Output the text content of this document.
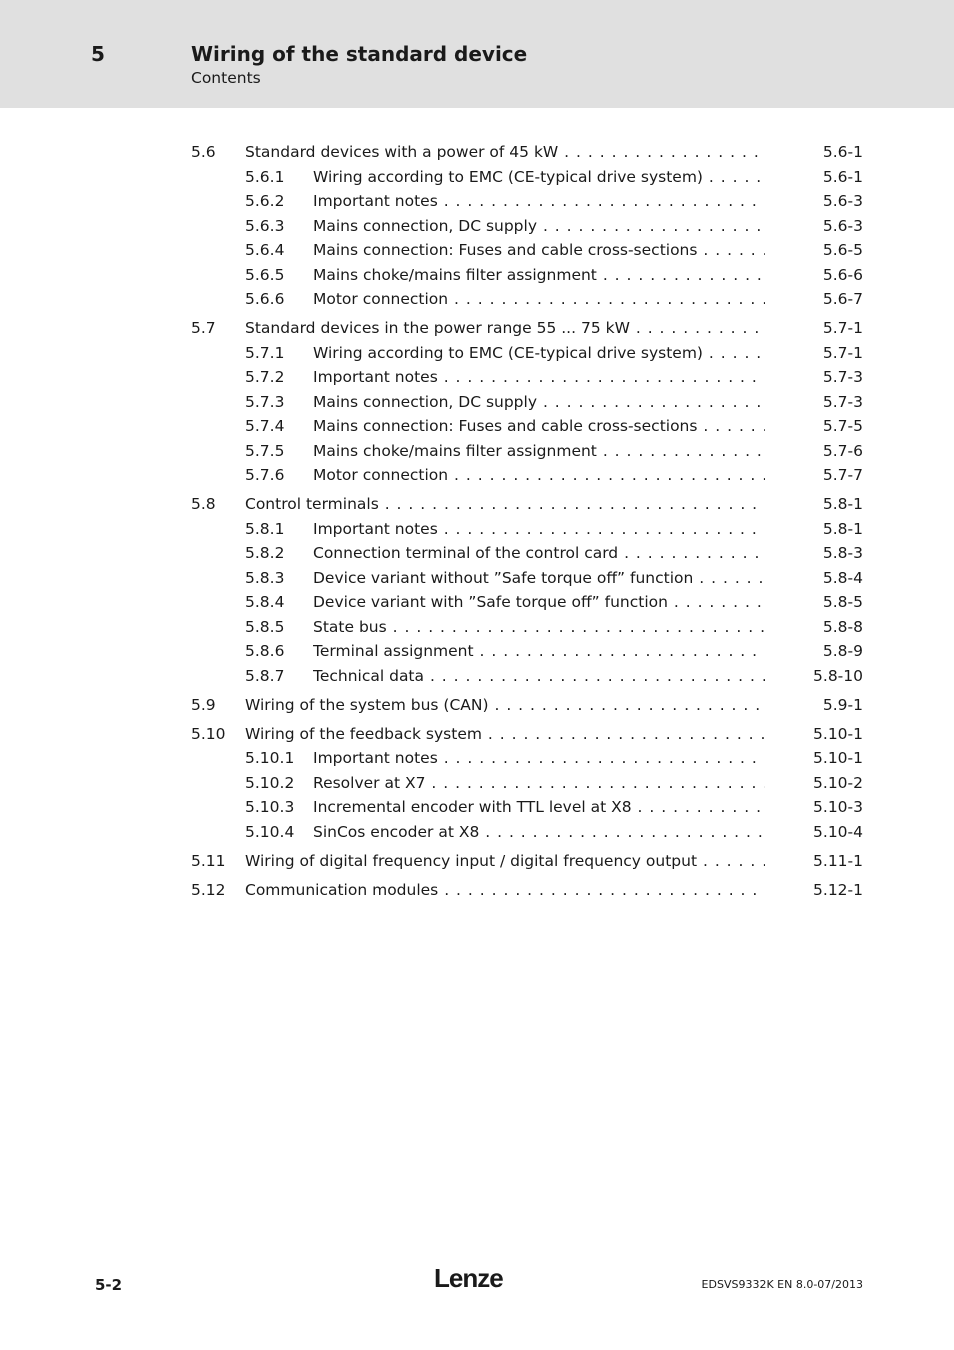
5	Wiring of the standard device
Contents
5.6 Standard devices with a power of 45 kW . . .	5.6-1
5.6.1 Wiring according to EMC (CE-typical drive system) . . .	5.6-1
5.6.2 Important notes . . .	5.6-3
5.6.3 Mains connection, DC supply . . .	5.6-3
5.6.4 Mains connection: Fuses and cable cross-sections . . .	5.6-5
5.6.5 Mains choke/mains filter assignment . . .	5.6-6
5.6.6 Motor connection . . .	5.6-7
5.7 Standard devices in the power range 55 ... 75 kW . . .	5.7-1
5.7.1 Wiring according to EMC (CE-typical drive system) . . .	5.7-1
5.7.2 Important notes . . .	5.7-3
5.7.3 Mains connection, DC supply . . .	5.7-3
5.7.4 Mains connection: Fuses and cable cross-sections . . .	5.7-5
5.7.5 Mains choke/mains filter assignment . . .	5.7-6
5.7.6 Motor connection . . .	5.7-7
5.8 Control terminals . . .	5.8-1
5.8.1 Important notes . . .	5.8-1
5.8.2 Connection terminal of the control card . . .	5.8-3
5.8.3 Device variant without ”Safe torque off” function . . .	5.8-4
5.8.4 Device variant with ”Safe torque off” function . . .	5.8-5
5.8.5 State bus . . .	5.8-8
5.8.6 Terminal assignment . . .	5.8-9
5.8.7 Technical data . . .	5.8-10
5.9 Wiring of the system bus (CAN) . . .	5.9-1
5.10 Wiring of the feedback system . . .	5.10-1
5.10.1 Important notes . . .	5.10-1
5.10.2 Resolver at X7 . . .	5.10-2
5.10.3 Incremental encoder with TTL level at X8 . . .	5.10-3
5.10.4 SinCos encoder at X8 . . .	5.10-4
5.11 Wiring of digital frequency input / digital frequency output . . .	5.11-1
5.12 Communication modules . . .	5.12-1
5-2	Lenze	EDSVS9332K EN 8.0-07/2013
